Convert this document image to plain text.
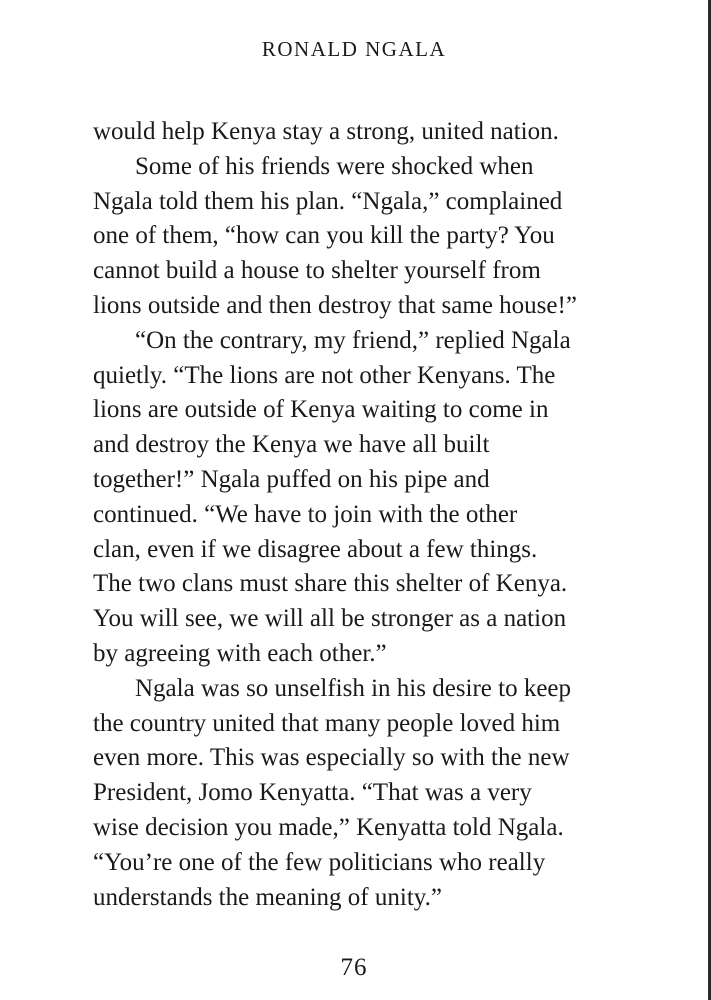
RONALD NGALA
would help Kenya stay a strong, united nation.
Some of his friends were shocked when
Ngala told them his plan. “Ngala,” complained
one of them, “how can you kill the party? You
cannot build a house to shelter yourself from
lions outside and then destroy that same house!”
“On the contrary, my friend,” replied Ngala
quietly. “The lions are not other Kenyans. The
lions are outside of Kenya waiting to come in
and destroy the Kenya we have all built
together!” Ngala puffed on his pipe and
continued. “We have to join with the other
clan, even if we disagree about a few things.
The two clans must share this shelter of Kenya.
You will see, we will all be stronger as a nation
by agreeing with each other.”
Ngala was so unselfish in his desire to keep
the country united that many people loved him
even more. This was especially so with the new
President, Jomo Kenyatta. “That was a very
wise decision you made,” Kenyatta told Ngala.
“You’re one of the few politicians who really
understands the meaning of unity.”
76
